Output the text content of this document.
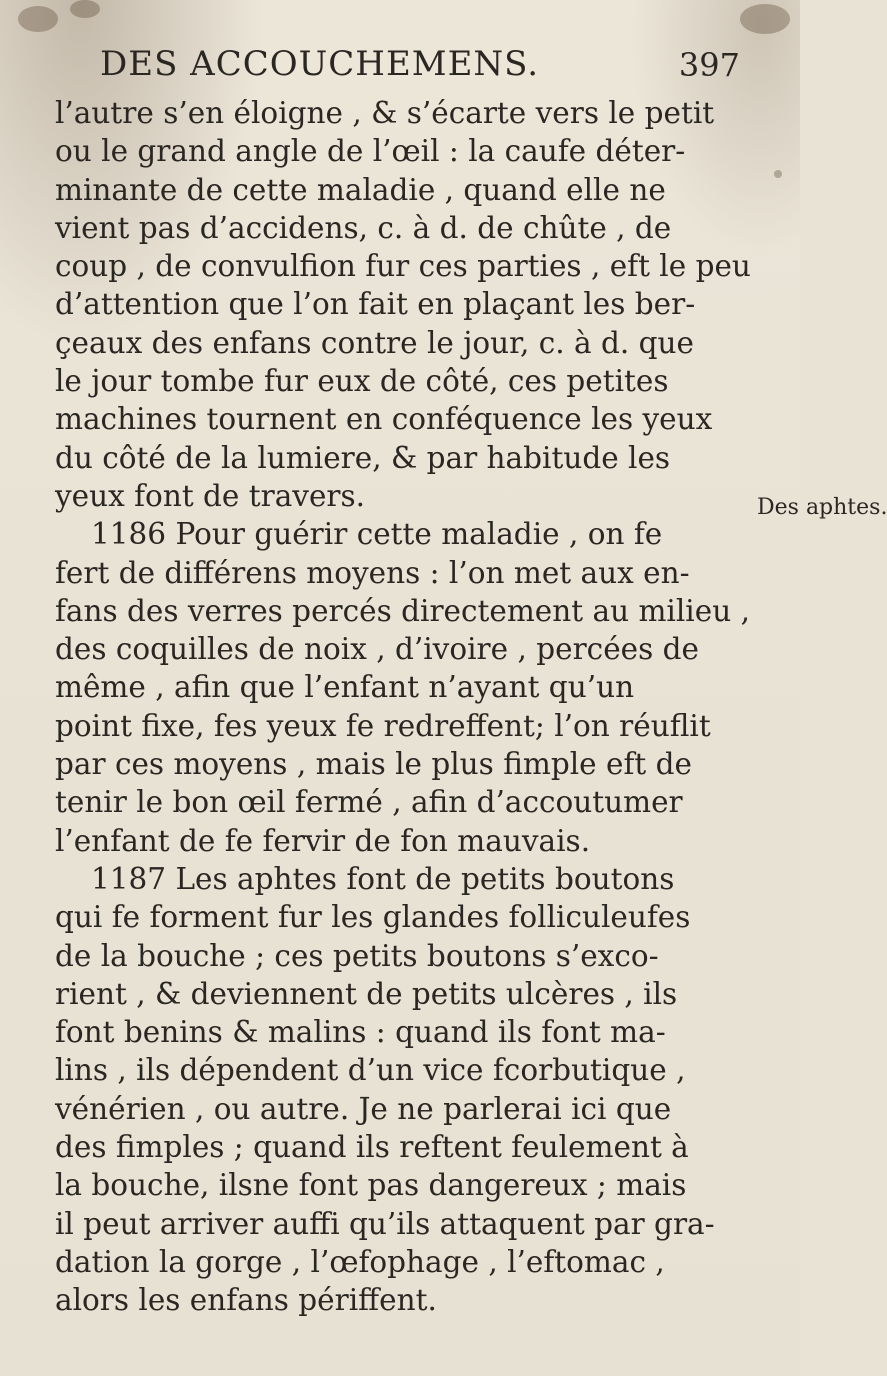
DES ACCOUCHEMENS.	397
l’autre s’en éloigne , & s’écarte vers le petit
ou le grand angle de l’œil : la caufe déter-
minante de cette maladie , quand elle ne
vient pas d’accidens, c. à d. de chûte , de
coup , de convulfion fur ces parties , eft le peu
d’attention que l’on fait en plaçant les ber-
çeaux des enfans contre le jour, c. à d. que
le jour tombe fur eux de côté, ces petites
machines tournent en conféquence les yeux
du côté de la lumiere, & par habitude les
yeux font de travers.
1186 Pour guérir cette maladie , on fe
fert de différens moyens : l’on met aux en-
fans des verres percés directement au milieu ,
des coquilles de noix , d’ivoire , percées de
même , afin que l’enfant n’ayant qu’un
point fixe, fes yeux fe redreffent; l’on réuflit
par ces moyens , mais le plus fimple eft de
tenir le bon œil fermé , afin d’accoutumer
l’enfant de fe fervir de fon mauvais.
1187 Les aphtes font de petits boutons
qui fe forment fur les glandes folliculeufes
de la bouche ; ces petits boutons s’exco-
rient , & deviennent de petits ulcères , ils
font benins & malins : quand ils font ma-
lins , ils dépendent d’un vice fcorbutique ,
vénérien , ou autre. Je ne parlerai ici que
des fimples ; quand ils reftent feulement à
la bouche, ilsne font pas dangereux ; mais
il peut arriver auffi qu’ils attaquent par gra-
dation la gorge , l’œfophage , l’eftomac ,
alors les enfans périffent.
Des aphtes.
